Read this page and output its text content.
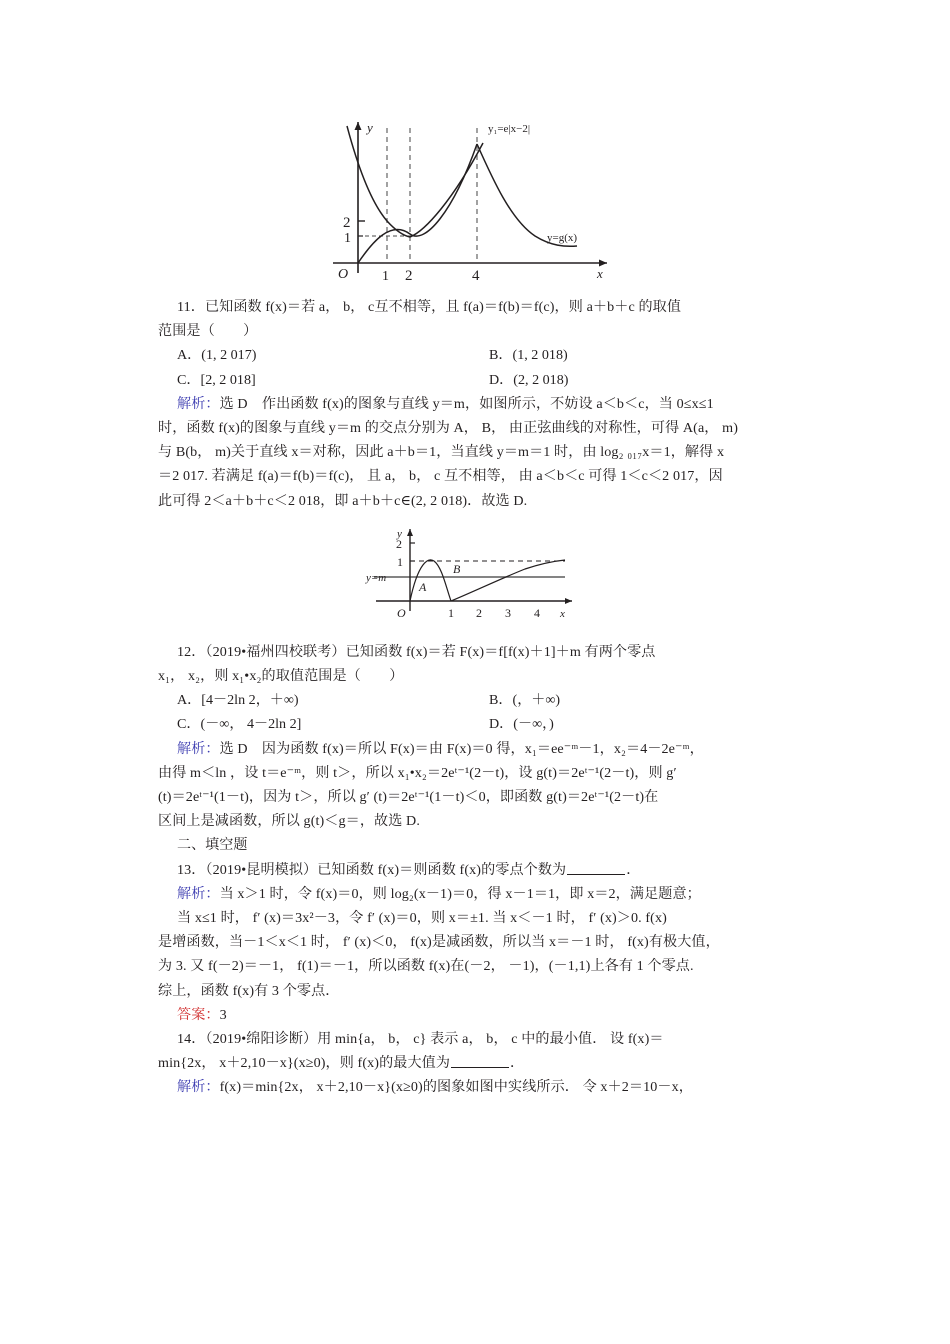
y
x
O
2
1
1 2	4
y₁=e|x−2|
y=g(x)
11．已知函数 f(x)＝若 a， b， c互不相等，且 f(a)＝f(b)＝f(c)，则 a＋b＋c 的取值
范围是（　　）
A．(1, 2 017)	B．(1, 2 018)
C．[2, 2 018]	D．(2, 2 018)
解析：选 D　作出函数 f(x)的图象与直线 y＝m，如图所示，不妨设 a＜b＜c，当 0≤x≤1
时，函数 f(x)的图象与直线 y＝m 的交点分别为 A， B， 由正弦曲线的对称性，可得 A(a， m)
与 B(b， m)关于直线 x＝对称，因此 a＋b＝1，当直线 y＝m＝1 时，由 log₂ ₀₁₇x＝1，解得 x
＝2 017. 若满足 f(a)＝f(b)＝f(c)， 且 a， b， c 互不相等， 由 a＜b＜c 可得 1＜c＜2 017，因
此可得 2＜a＋b＋c＜2 018，即 a＋b＋c∈(2, 2 018)．故选 D.
y
x
O
2
1
1 2 3 4
y=m
A
B
12．（2019•福州四校联考）已知函数 f(x)＝若 F(x)＝f[f(x)＋1]＋m 有两个零点
x₁， x₂，则 x₁•x₂的取值范围是（　　）
A．[4－2ln 2，＋∞)	B．(，＋∞)
C．(－∞， 4－2ln 2]	D．(－∞，)
解析：选 D　因为函数 f(x)＝所以 F(x)＝由 F(x)＝0 得，x₁＝ee⁻ᵐ－1，x₂＝4－2e⁻ᵐ，
由得 m＜ln ，设 t＝e⁻ᵐ，则 t＞，所以 x₁•x₂＝2eᵗ⁻¹(2－t)，设 g(t)＝2eᵗ⁻¹(2－t)，则 g′
(t)＝2eᵗ⁻¹(1－t)，因为 t＞，所以 g′ (t)＝2eᵗ⁻¹(1－t)＜0，即函数 g(t)＝2eᵗ⁻¹(2－t)在
区间上是减函数，所以 g(t)＜g＝，故选 D.
二、填空题
13．（2019•昆明模拟）已知函数 f(x)＝则函数 f(x)的零点个数为	．
解析：当 x＞1 时，令 f(x)＝0，则 log₂(x－1)＝0，得 x－1＝1，即 x＝2，满足题意；
当 x≤1 时， f′ (x)＝3x²－3，令 f′ (x)＝0，则 x＝±1. 当 x＜－1 时， f′ (x)＞0. f(x)
是增函数，当－1＜x＜1 时， f′ (x)＜0， f(x)是减函数，所以当 x＝－1 时， f(x)有极大值，
为 3. 又 f(－2)＝－1， f(1)＝－1，所以函数 f(x)在(－2， －1)，(－1,1)上各有 1 个零点.
综上，函数 f(x)有 3 个零点．
答案：3
14．（2019•绵阳诊断）用 min{a， b， c} 表示 a， b， c 中的最小值． 设 f(x)＝
min{2x， x＋2,10－x}(x≥0)，则 f(x)的最大值为	．
解析：f(x)＝min{2x， x＋2,10－x}(x≥0)的图象如图中实线所示． 令 x＋2＝10－x，
